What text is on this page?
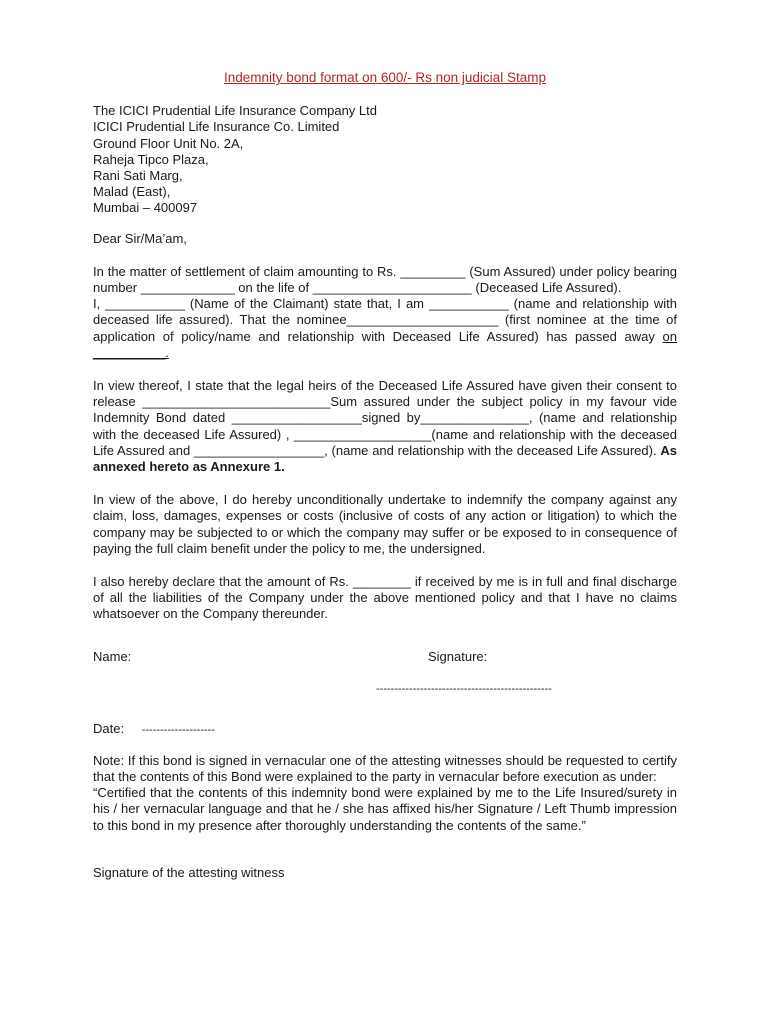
Indemnity bond format on 600/- Rs non judicial Stamp

The ICICI Prudential Life Insurance Company Ltd

ICICI Prudential Life Insurance Co. Limited

Ground Floor Unit No. 2A,

Raheja Tipco Plaza,

Rani Sati Marg,

Malad (East),

Mumbai – 400097

Dear Sir/Ma’am,

In the matter of settlement of claim amounting to Rs. _________ (Sum Assured) under policy bearing number _____________ on the life of ______________________ (Deceased Life Assured).

I, ___________ (Name of the Claimant) state that, I am ___________ (name and relationship with deceased life assured). That the nominee_____________________ (first nominee at the time of application of policy/name and relationship with Deceased Life Assured) has passed away on __________.

In view thereof, I state that the legal heirs of the Deceased Life Assured have given their consent to release __________________________Sum assured under the subject policy in my favour vide Indemnity Bond dated __________________signed by_______________, (name and relationship with the deceased Life Assured) , ___________________(name and relationship with the deceased Life Assured and __________________, (name and relationship with the deceased Life Assured). As annexed hereto as Annexure 1.

In view of the above, I do hereby unconditionally undertake to indemnify the company against any claim, loss, damages, expenses or costs (inclusive of costs of any action or litigation) to which the company may be subjected to or which the company may suffer or be exposed to in consequence of paying the full claim benefit under the policy to me, the undersigned.

I also hereby declare that the amount of Rs. ________ if received by me is in full and final discharge of all the liabilities of the Company under the above mentioned policy and that I have no claims whatsoever on the Company thereunder.

Name:	Signature:
------------------------------------------------
Date: --------------------

Note: If this bond is signed in vernacular one of the attesting witnesses should be requested to certify that the contents of this Bond were explained to the party in vernacular before execution as under:

“Certified that the contents of this indemnity bond were explained by me to the Life Insured/surety in his / her vernacular language and that he / she has affixed his/her Signature / Left Thumb impression to this bond in my presence after thoroughly understanding the contents of the same.”

Signature of the attesting witness
